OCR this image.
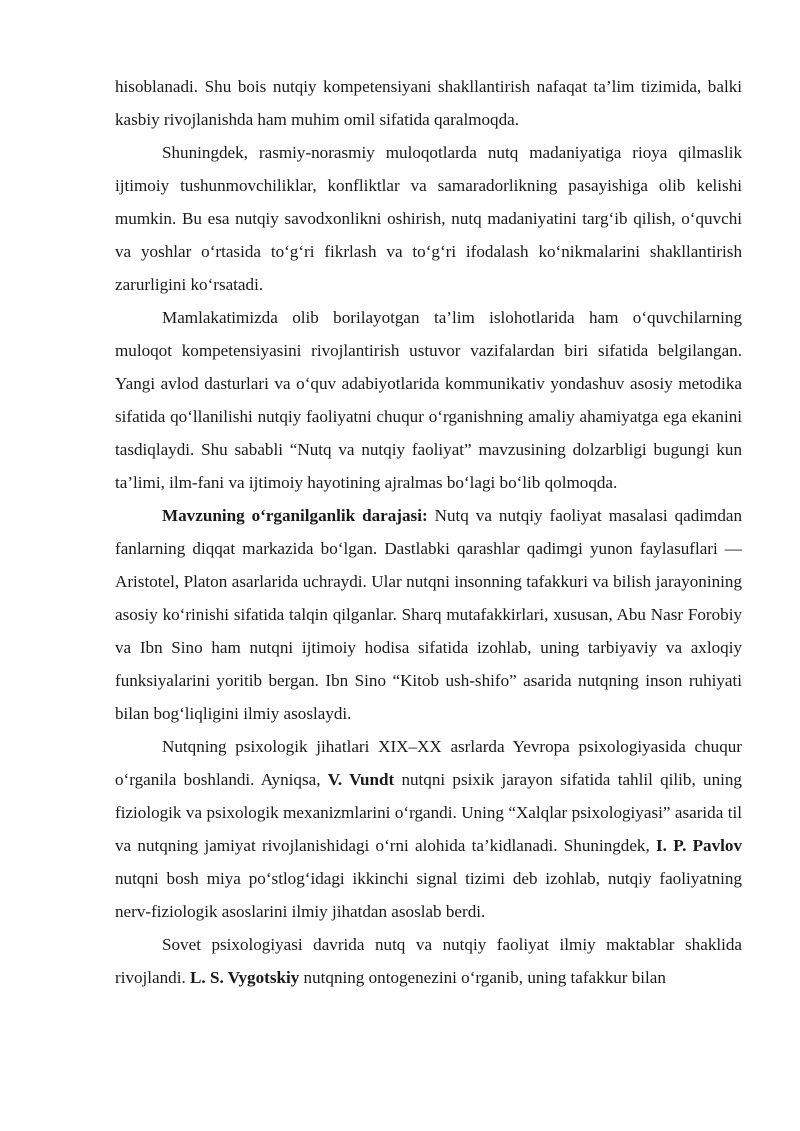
hisoblanadi. Shu bois nutqiy kompetensiyani shakllantirish nafaqat ta’lim tizimida, balki kasbiy rivojlanishda ham muhim omil sifatida qaralmoqda.

Shuningdek, rasmiy-norasmiy muloqotlarda nutq madaniyatiga rioya qilmaslik ijtimoiy tushunmovchiliklar, konfliktlar va samaradorlikning pasayishiga olib kelishi mumkin. Bu esa nutqiy savodxonlikni oshirish, nutq madaniyatini targ‘ib qilish, o‘quvchi va yoshlar o‘rtasida to‘g‘ri fikrlash va to‘g‘ri ifodalash ko‘nikmalarini shakllantirish zarurligini ko‘rsatadi.

Mamlakatimizda olib borilayotgan ta’lim islohotlarida ham o‘quvchilarning muloqot kompetensiyasini rivojlantirish ustuvor vazifalardan biri sifatida belgilangan. Yangi avlod dasturlari va o‘quv adabiyotlarida kommunikativ yondashuv asosiy metodika sifatida qo‘llanilishi nutqiy faoliyatni chuqur o‘rganishning amaliy ahamiyatga ega ekanini tasdiqlaydi. Shu sababli “Nutq va nutqiy faoliyat” mavzusining dolzarbligi bugungi kun ta’limi, ilm-fani va ijtimoiy hayotining ajralmas bo‘lagi bo‘lib qolmoqda.

Mavzuning o‘rganilganlik darajasi: Nutq va nutqiy faoliyat masalasi qadimdan fanlarning diqqat markazida bo‘lgan. Dastlabki qarashlar qadimgi yunon faylasuflari — Aristotel, Platon asarlarida uchraydi. Ular nutqni insonning tafakkuri va bilish jarayonining asosiy ko‘rinishi sifatida talqin qilganlar. Sharq mutafakkirlari, xususan, Abu Nasr Forobiy va Ibn Sino ham nutqni ijtimoiy hodisa sifatida izohlab, uning tarbiyaviy va axloqiy funksiyalarini yoritib bergan. Ibn Sino “Kitob ush-shifo” asarida nutqning inson ruhiyati bilan bog‘liqligini ilmiy asoslaydi.

Nutqning psixologik jihatlari XIX–XX asrlarda Yevropa psixologiyasida chuqur o‘rganila boshlandi. Ayniqsa, V. Vundt nutqni psixik jarayon sifatida tahlil qilib, uning fiziologik va psixologik mexanizmlarini o‘rgandi. Uning “Xalqlar psixologiyasi” asarida til va nutqning jamiyat rivojlanishidagi o‘rni alohida ta’kidlanadi. Shuningdek, I. P. Pavlov nutqni bosh miya po‘stlog‘idagi ikkinchi signal tizimi deb izohlab, nutqiy faoliyatning nerv-fiziologik asoslarini ilmiy jihatdan asoslab berdi.

Sovet psixologiyasi davrida nutq va nutqiy faoliyat ilmiy maktablar shaklida rivojlandi. L. S. Vygotskiy nutqning ontogenezini o‘rganib, uning tafakkur bilan
